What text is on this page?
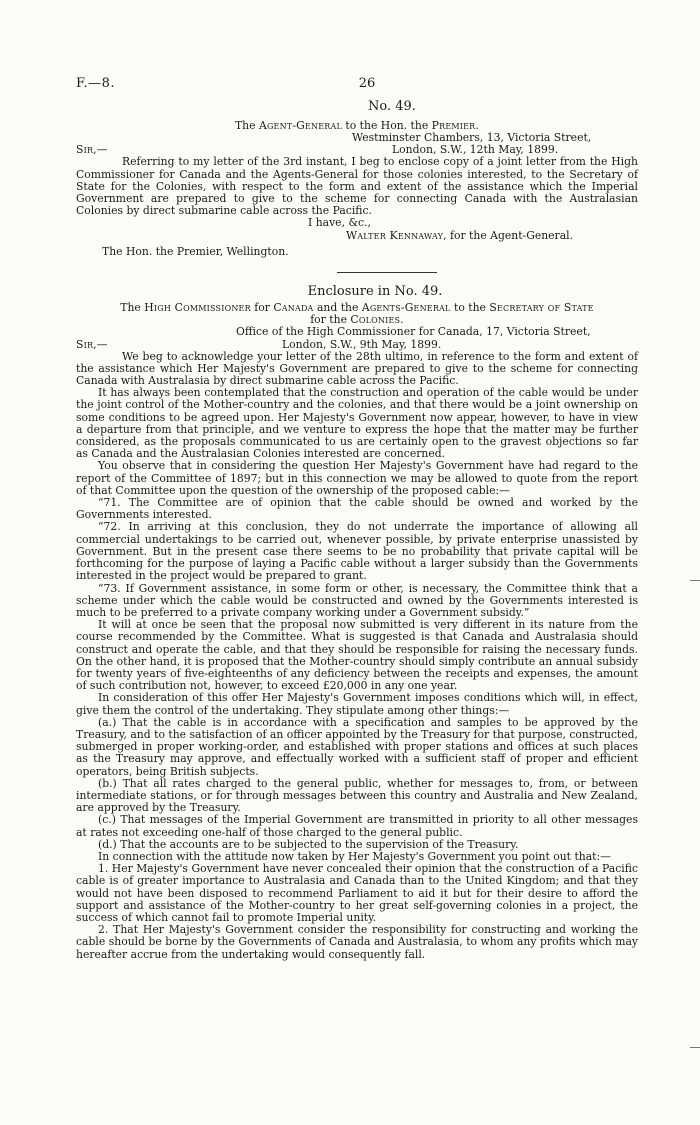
F.—8.	26
No. 49.
The Agent-General to the Hon. the Premier.
Westminster Chambers, 13, Victoria Street,
Sir,—	London, S.W., 12th May, 1899.

Referring to my letter of the 3rd instant, I beg to enclose copy of a joint letter from the High Commissioner for Canada and the Agents-General for those colonies interested, to the Secretary of State for the Colonies, with respect to the form and extent of the assistance which the Imperial Government are prepared to give to the scheme for connecting Canada with the Australasian Colonies by direct submarine cable across the Pacific.

I have, &c.,
Walter Kennaway, for the Agent-General.
The Hon. the Premier, Wellington.
Enclosure in No. 49.
The High Commissioner for Canada and the Agents-General to the Secretary of State
for the Colonies.
Office of the High Commissioner for Canada, 17, Victoria Street,
Sir,—	London, S.W., 9th May, 1899.

We beg to acknowledge your letter of the 28th ultimo, in reference to the form and extent of the assistance which Her Majesty's Government are prepared to give to the scheme for connecting Canada with Australasia by direct submarine cable across the Pacific.

It has always been contemplated that the construction and operation of the cable would be under the joint control of the Mother-country and the colonies, and that there would be a joint ownership on some conditions to be agreed upon. Her Majesty's Government now appear, however, to have in view a departure from that principle, and we venture to express the hope that the matter may be further considered, as the proposals communicated to us are certainly open to the gravest objections so far as Canada and the Australasian Colonies interested are concerned.

You observe that in considering the question Her Majesty's Government have had regard to the report of the Committee of 1897; but in this connection we may be allowed to quote from the report of that Committee upon the question of the ownership of the proposed cable:—

“71. The Committee are of opinion that the cable should be owned and worked by the Governments interested.

“72. In arriving at this conclusion, they do not underrate the importance of allowing all commercial undertakings to be carried out, whenever possible, by private enterprise unassisted by Government. But in the present case there seems to be no probability that private capital will be forthcoming for the purpose of laying a Pacific cable without a larger subsidy than the Governments interested in the project would be prepared to grant.

“73. If Government assistance, in some form or other, is necessary, the Committee think that a scheme under which the cable would be constructed and owned by the Governments interested is much to be preferred to a private company working under a Government subsidy.”

It will at once be seen that the proposal now submitted is very different in its nature from the course recommended by the Committee. What is suggested is that Canada and Australasia should construct and operate the cable, and that they should be responsible for raising the necessary funds. On the other hand, it is proposed that the Mother-country should simply contribute an annual subsidy for twenty years of five-eighteenths of any deficiency between the receipts and expenses, the amount of such contribution not, however, to exceed £20,000 in any one year.

In consideration of this offer Her Majesty's Government imposes conditions which will, in effect, give them the control of the undertaking. They stipulate among other things:—

(a.) That the cable is in accordance with a specification and samples to be approved by the Treasury, and to the satisfaction of an officer appointed by the Treasury for that purpose, constructed, submerged in proper working-order, and established with proper stations and offices at such places as the Treasury may approve, and effectually worked with a sufficient staff of proper and efficient operators, being British subjects.

(b.) That all rates charged to the general public, whether for messages to, from, or between intermediate stations, or for through messages between this country and Australia and New Zealand, are approved by the Treasury.

(c.) That messages of the Imperial Government are transmitted in priority to all other messages at rates not exceeding one-half of those charged to the general public.

(d.) That the accounts are to be subjected to the supervision of the Treasury.

In connection with the attitude now taken by Her Majesty's Government you point out that:—

1. Her Majesty's Government have never concealed their opinion that the construction of a Pacific cable is of greater importance to Australasia and Canada than to the United Kingdom; and that they would not have been disposed to recommend Parliament to aid it but for their desire to afford the support and assistance of the Mother-country to her great self-governing colonies in a project, the success of which cannot fail to promote Imperial unity.

2. That Her Majesty's Government consider the responsibility for constructing and working the cable should be borne by the Governments of Canada and Australasia, to whom any profits which may hereafter accrue from the undertaking would consequently fall.
